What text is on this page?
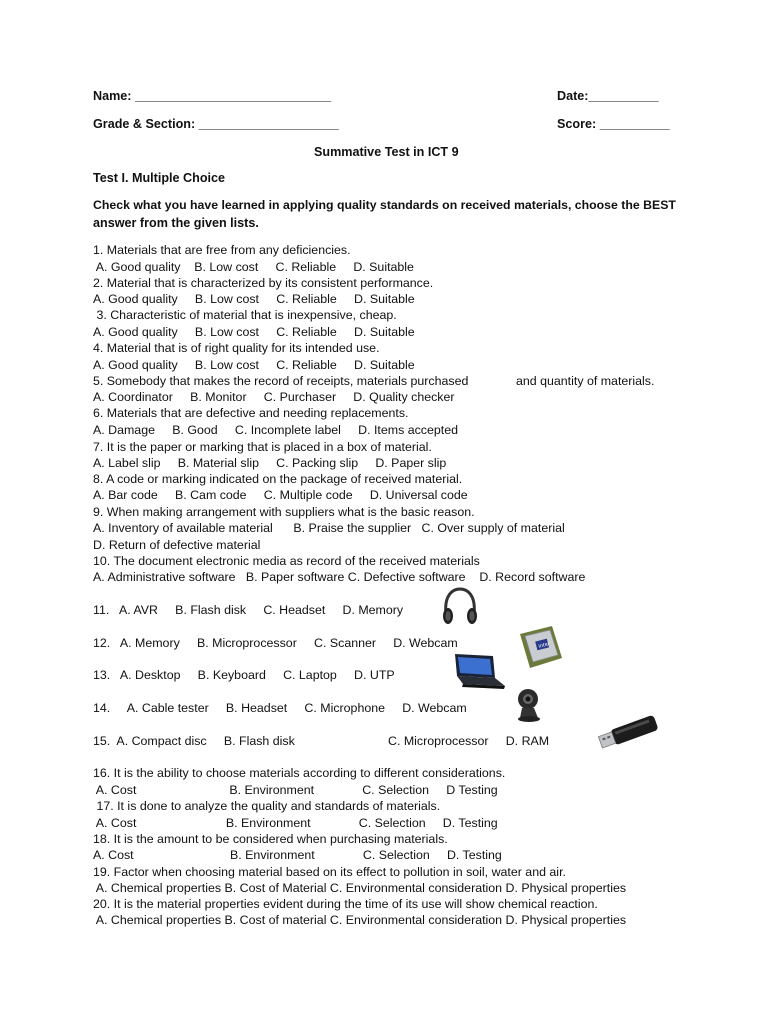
Name: ____________________________	Date:__________
Grade & Section: ____________________	Score: __________
Summative Test in ICT 9
Test I. Multiple Choice
Check what you have learned in applying quality standards on received materials, choose the BEST
answer from the given lists.
1. Materials that are free from any deficiencies.
A. Good quality    B. Low cost     C. Reliable     D. Suitable
2. Material that is characterized by its consistent performance.
A. Good quality     B. Low cost     C. Reliable     D. Suitable
3. Characteristic of material that is inexpensive, cheap.
A. Good quality     B. Low cost     C. Reliable     D. Suitable
4. Material that is of right quality for its intended use.
A. Good quality     B. Low cost     C. Reliable     D. Suitable
5. Somebody that makes the record of receipts, materials purchased	and quantity of materials.
A. Coordinator     B. Monitor     C. Purchaser     D. Quality checker
6. Materials that are defective and needing replacements.
A. Damage     B. Good     C. Incomplete label     D. Items accepted
7. It is the paper or marking that is placed in a box of material.
A. Label slip     B. Material slip     C. Packing slip     D. Paper slip
8. A code or marking indicated on the package of received material.
A. Bar code     B. Cam code     C. Multiple code     D. Universal code
9. When making arrangement with suppliers what is the basic reason.
A. Inventory of available material      B. Praise the supplier   C. Over supply of material
D. Return of defective material
10. The document electronic media as record of the received materials
A. Administrative software   B. Paper software C. Defective software    D. Record software
11.   A. AVR     B. Flash disk     C. Headset     D. Memory
12.   A. Memory     B. Microprocessor     C. Scanner     D. Webcam
13.   A. Desktop     B. Keyboard     C. Laptop     D. UTP
14.     A. Cable tester     B. Headset     C. Microphone     D. Webcam
15.  A. Compact disc     B. Flash disk	C. Microprocessor     D. RAM
intel
16. It is the ability to choose materials according to different considerations.
A. Cost                           B. Environment              C. Selection     D Testing
17. It is done to analyze the quality and standards of materials.
A. Cost                          B. Environment              C. Selection     D. Testing
18. It is the amount to be considered when purchasing materials.
A. Cost                            B. Environment              C. Selection     D. Testing
19. Factor when choosing material based on its effect to pollution in soil, water and air.
A. Chemical properties B. Cost of Material C. Environmental consideration D. Physical properties
20. It is the material properties evident during the time of its use will show chemical reaction.
A. Chemical properties B. Cost of material C. Environmental consideration D. Physical properties
